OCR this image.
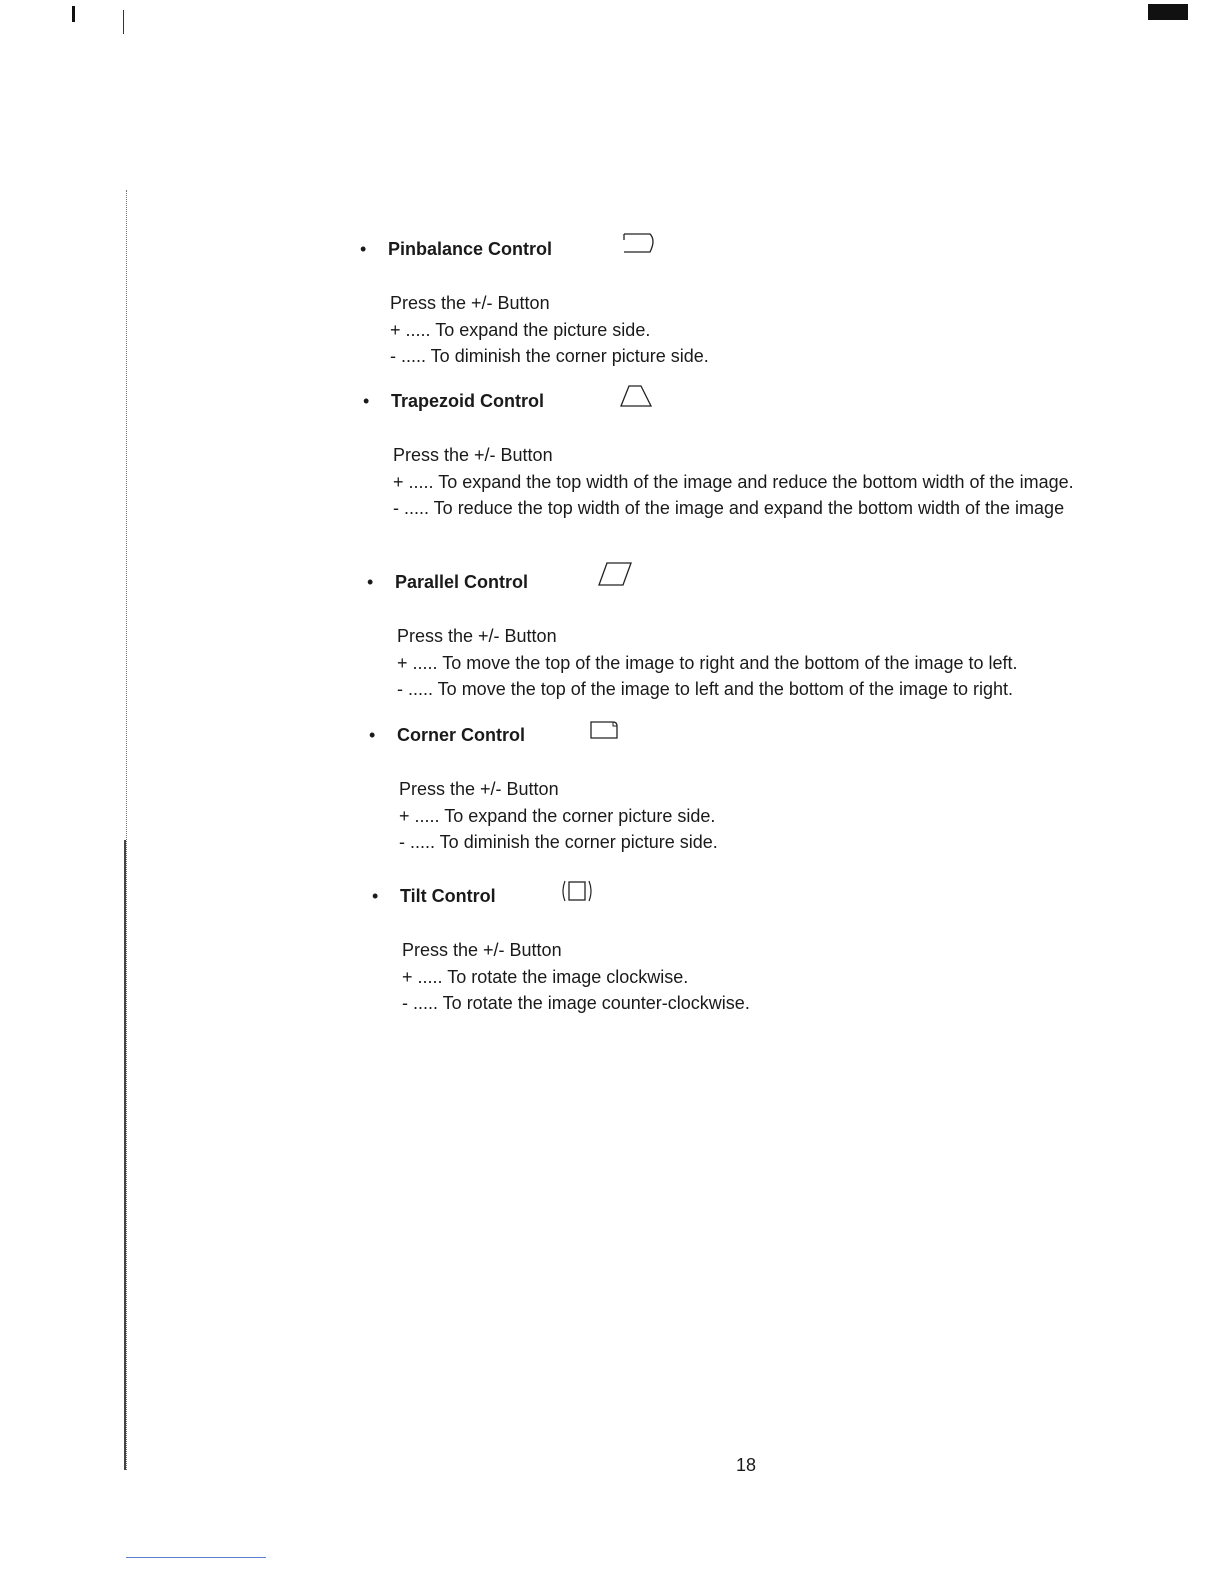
• Pinbalance Control
Press the +/- Button
+ ..... To expand the picture side.
- ..... To diminish the corner picture side.
• Trapezoid Control
Press the +/- Button
+ ..... To expand the top width of the image and reduce the bottom width of the image.
- ..... To reduce the top width of the image and expand the bottom width of the image
• Parallel Control
Press the +/- Button
+ ..... To move the top of the image to right and the bottom of the image to left.
- ..... To move the top of the image to left and the bottom of the image to right.
• Corner Control
Press the +/- Button
+ ..... To expand the corner picture side.
- ..... To diminish the corner picture side.
• Tilt Control
Press the +/- Button
+ ..... To rotate the image clockwise.
- ..... To rotate the image counter-clockwise.
18
